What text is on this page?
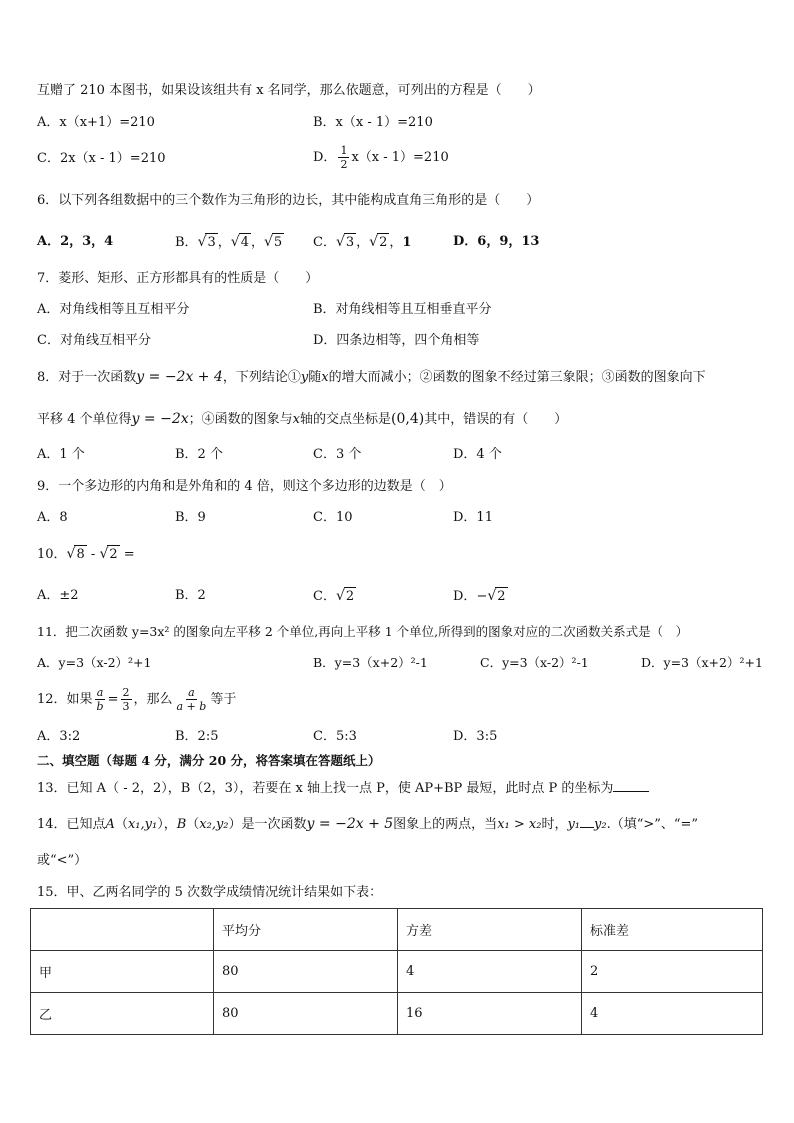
互赠了 210 本图书，如果设该组共有 x 名同学，那么依题意，可列出的方程是（　　）
A．x（x+1）=210	B．x（x - 1）=210
C．2x（x - 1）=210	D． $\frac{1}{2} x(x - 1)=210$
6．以下列各组数据中的三个数作为三角形的边长，其中能构成直角三角形的是（　　）
A．2，3，4	B．√3 ，√4 ，√5 C．√3 ，√2 ，1	D．6，9，13
7．菱形、矩形、正方形都具有的性质是（　　）
A．对角线相等且互相平分	B．对角线相等且互相垂直平分
C．对角线互相平分	D．四条边相等，四个角相等
8．对于一次函数y = −2x + 4，下列结论①y随x的增大而减小；②函数的图象不经过第三象限；③函数的图象向下
平移 4 个单位得y = −2x；④函数的图象与x轴的交点坐标是(0,4)其中，错误的有（　　）
A．1 个	B．2 个	C．3 个	D．4 个
9．一个多边形的内角和是外角和的 4 倍，则这个多边形的边数是（　）
A．8	B．9	C．10	D．11
10．√8 - √2 =
A．±2	B．2	C．√2	D．−√2
11．把二次函数 y=3x² 的图象向左平移 2 个单位,再向上平移 1 个单位,所得到的图象对应的二次函数关系式是（　）
A．y=3（x-2）²+1	B．y=3（x+2）²-1	C．y=3（x-2）²-1	D．y=3（x+2）²+1
12．如果 $\frac{a}{b} = \frac{2}{3}$ ，那么 $\frac{a}{a + b}$ 等于
A．3:2	B．2:5	C．5:3	D．3:5
二、填空题（每题 4 分，满分 20 分，将答案填在答题纸上）
13．已知 A（ - 2，2），B（2，3），若要在 x 轴上找一点 P，使 AP+BP 最短，此时点 P 的坐标为
14．已知点A（x₁,y₁），B（x₂,y₂）是一次函数y = −2x + 5图象上的两点，当x₁ > x₂时，y₁ y₂.（填“>”、“=”
或“<”）
15．甲、乙两名同学的 5 次数学成绩情况统计结果如下表：
	平均分	方差	标准差
甲	80	4	2
乙	80	16	4
